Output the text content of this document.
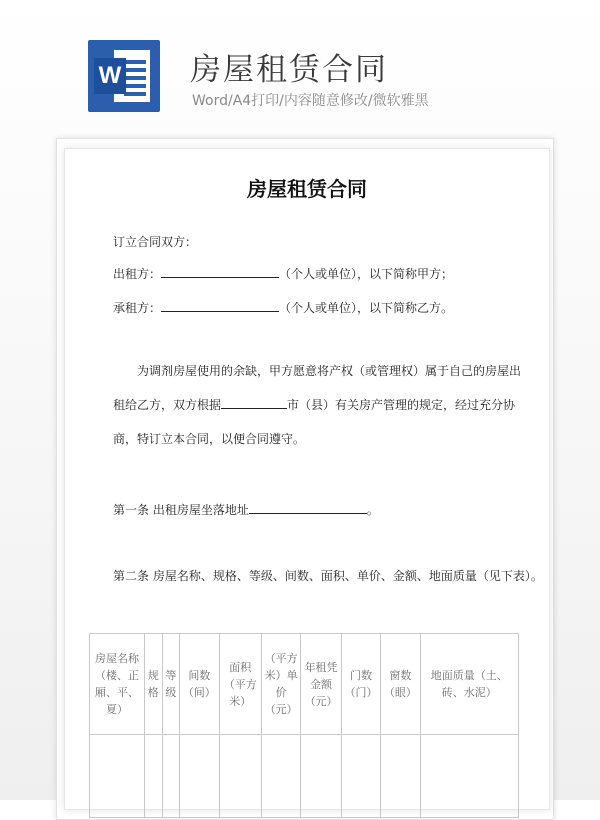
W 房屋租赁合同
Word/A4打印/内容随意修改/微软雅黑
房屋租赁合同
订立合同双方：
出租方：	（个人或单位），以下简称甲方；
承租方：	（个人或单位），以下简称乙方。
为调剂房屋使用的余缺，甲方愿意将产权（或管理权）属于自己的房屋出租给乙方，双方根据	市（县）有关房产管理的规定，经过充分协商，特订立本合同，以便合同遵守。
第一条 出租房屋坐落地址	。
第二条 房屋名称、规格、等级、间数、面积、单价、金额、地面质量（见下表）。
房屋名称（楼、正厢、平、夏）	规格	等级	间数（间）	面积（平方米）	（平方米）单价（元）	年租凭金额（元）	门数（门）	窗数（眼）	地面质量（土、砖、水泥）
